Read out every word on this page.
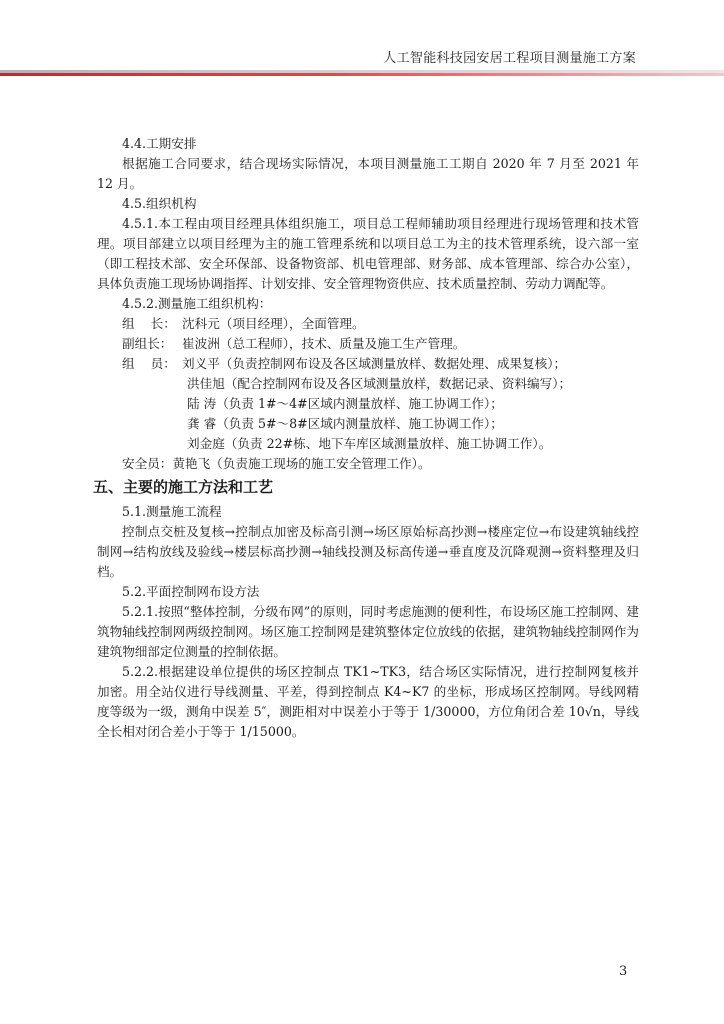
人工智能科技园安居工程项目测量施工方案

4.4.工期安排

根据施工合同要求，结合现场实际情况，本项目测量施工工期自 2020 年 7 月至 2021 年 12 月。

4.5.组织机构

4.5.1.本工程由项目经理具体组织施工，项目总工程师辅助项目经理进行现场管理和技术管理。项目部建立以项目经理为主的施工管理系统和以项目总工为主的技术管理系统，设六部一室（即工程技术部、安全环保部、设备物资部、机电管理部、财务部、成本管理部、综合办公室），具体负责施工现场协调指挥、计划安排、安全管理物资供应、技术质量控制、劳动力调配等。

4.5.2.测量施工组织机构：

组    长： 沈科元（项目经理），全面管理。
副组长： 崔波洲（总工程师），技术、质量及施工生产管理。
组    员： 刘义平（负责控制网布设及各区域测量放样、数据处理、成果复核）；
洪佳旭（配合控制网布设及各区域测量放样，数据记录、资料编写）；
陆 涛（负责 1#～4#区域内测量放样、施工协调工作）；
龚 睿（负责 5#～8#区域内测量放样、施工协调工作）；
刘金庭（负责 22#栋、地下车库区域测量放样、施工协调工作）。

安全员：黄艳飞（负责施工现场的施工安全管理工作）。

五、主要的施工方法和工艺

5.1.测量施工流程

控制点交桩及复核→控制点加密及标高引测→场区原始标高抄测→楼座定位→布设建筑轴线控制网→结构放线及验线→楼层标高抄测→轴线投测及标高传递→垂直度及沉降观测→资料整理及归档。

5.2.平面控制网布设方法

5.2.1.按照“整体控制，分级布网”的原则，同时考虑施测的便利性，布设场区施工控制网、建筑物轴线控制网两级控制网。场区施工控制网是建筑整体定位放线的依据，建筑物轴线控制网作为建筑物细部定位测量的控制依据。

5.2.2.根据建设单位提供的场区控制点 TK1~TK3，结合场区实际情况，进行控制网复核并加密。用全站仪进行导线测量、平差，得到控制点 K4~K7 的坐标，形成场区控制网。导线网精度等级为一级，测角中误差 5″，测距相对中误差小于等于 1/30000，方位角闭合差 10√n，导线全长相对闭合差小于等于 1/15000。

3
